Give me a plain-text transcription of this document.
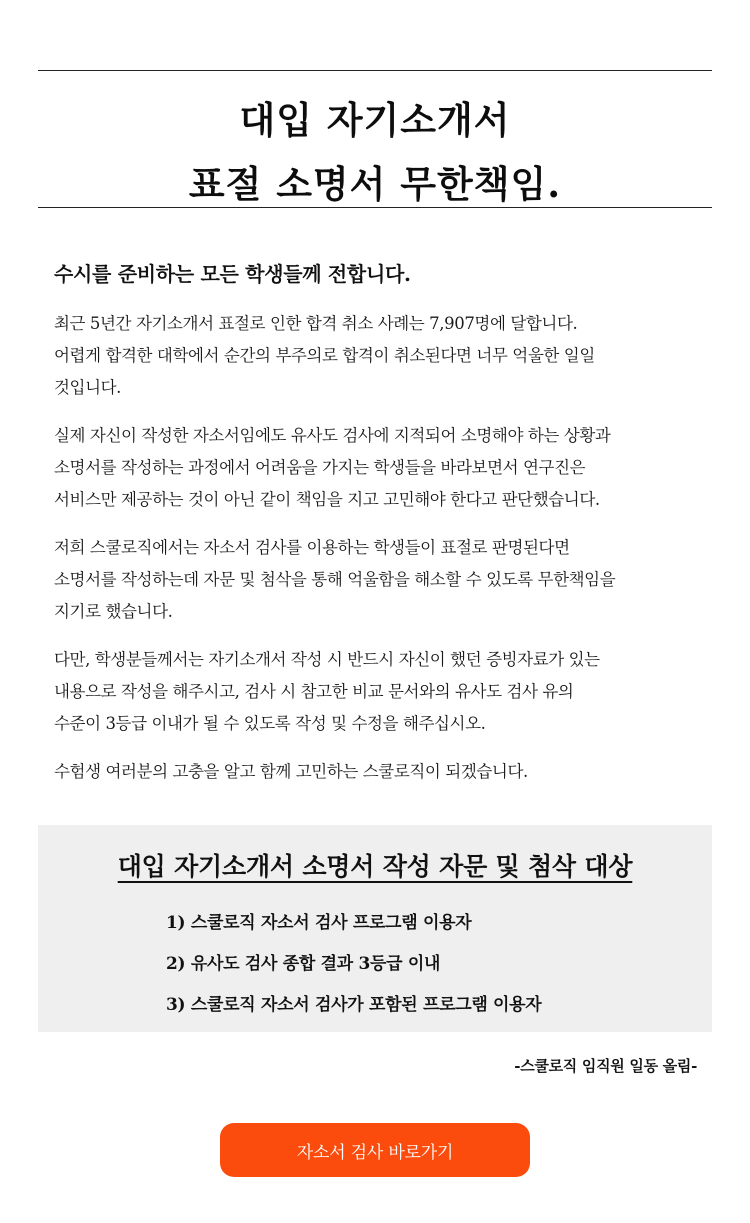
대입 자기소개서
표절 소명서 무한책임.
수시를 준비하는 모든 학생들께 전합니다.

최근 5년간 자기소개서 표절로 인한 합격 취소 사례는 7,907명에 달합니다.
어렵게 합격한 대학에서 순간의 부주의로 합격이 취소된다면 너무 억울한 일일
것입니다.

실제 자신이 작성한 자소서임에도 유사도 검사에 지적되어 소명해야 하는 상황과
소명서를 작성하는 과정에서 어려움을 가지는 학생들을 바라보면서 연구진은
서비스만 제공하는 것이 아닌 같이 책임을 지고 고민해야 한다고 판단했습니다.

저희 스쿨로직에서는 자소서 검사를 이용하는 학생들이 표절로 판명된다면
소명서를 작성하는데 자문 및 첨삭을 통해 억울함을 해소할 수 있도록 무한책임을
지기로 했습니다.

다만, 학생분들께서는 자기소개서 작성 시 반드시 자신이 했던 증빙자료가 있는
내용으로 작성을 해주시고, 검사 시 참고한 비교 문서와의 유사도 검사 유의
수준이 3등급 이내가 될 수 있도록 작성 및 수정을 해주십시오.

수험생 여러분의 고충을 알고 함께 고민하는 스쿨로직이 되겠습니다.

대입 자기소개서 소명서 작성 자문 및 첨삭 대상
1) 스쿨로직 자소서 검사 프로그램 이용자
2) 유사도 검사 종합 결과 3등급 이내
3) 스쿨로직 자소서 검사가 포함된 프로그램 이용자
-스쿨로직 임직원 일동 올림-
자소서 검사 바로가기
